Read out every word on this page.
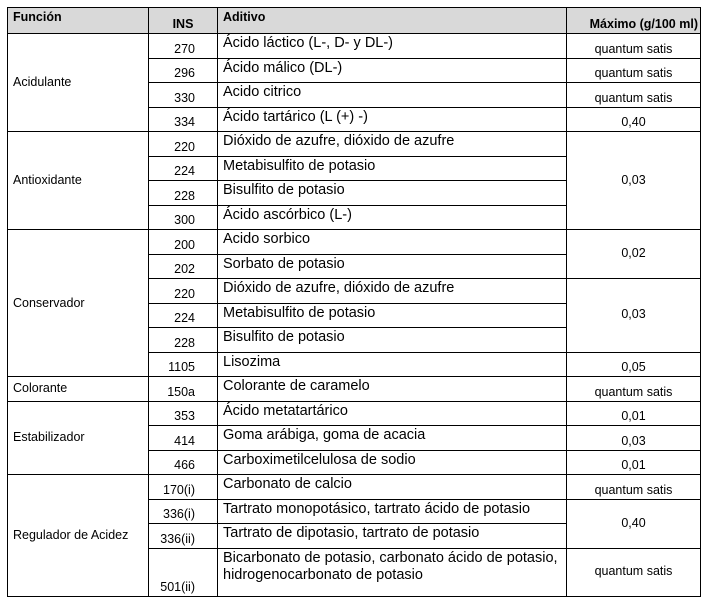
Función	INS	Aditivo	Máximo (g/100 ml)
Acidulante	270	Ácido láctico (L-, D- y DL-)	quantum satis
	296	Ácido málico (DL-)	quantum satis
	330	Acido citrico	quantum satis
	334	Ácido tartárico (L (+) -)	0,40
Antioxidante	220	Dióxido de azufre, dióxido de azufre	0,03
	224	Metabisulfito de potasio	
	228	Bisulfito de potasio	
	300	Ácido ascórbico (L-)	
Conservador	200	Acido sorbico	0,02
	202	Sorbato de potasio	
	220	Dióxido de azufre, dióxido de azufre	0,03
	224	Metabisulfito de potasio	
	228	Bisulfito de potasio	
	1105	Lisozima	0,05
Colorante	150a	Colorante de caramelo	quantum satis
Estabilizador	353	Ácido metatartárico	0,01
	414	Goma arábiga, goma de acacia	0,03
	466	Carboximetilcelulosa de sodio	0,01
Regulador de Acidez	170(i)	Carbonato de calcio	quantum satis
	336(i)	Tartrato monopotásico, tartrato ácido de potasio	0,40
	336(ii)	Tartrato de dipotasio, tartrato de potasio	
	501(ii)	Bicarbonato de potasio, carbonato ácido de potasio, hidrogenocarbonato de potasio	quantum satis
